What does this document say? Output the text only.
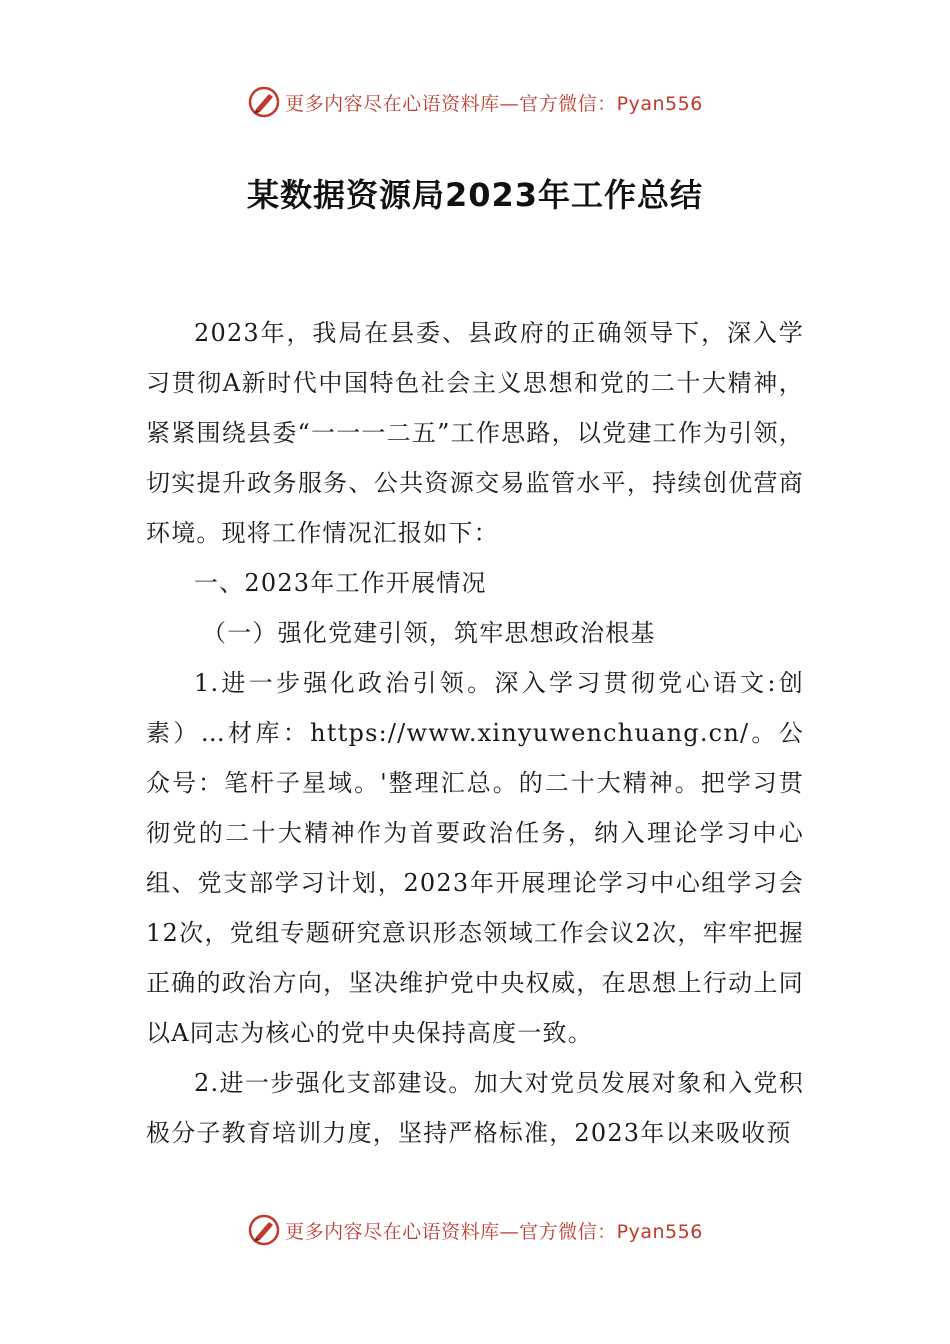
更多内容尽在心语资料库—官方微信：Pyan556
某数据资源局2023年工作总结

2023年，我局在县委、县政府的正确领导下，深入学习贯彻A新时代中国特色社会主义思想和党的二十大精神，紧紧围绕县委“一一一二五”工作思路，以党建工作为引领，切实提升政务服务、公共资源交易监管水平，持续创优营商环境。现将工作情况汇报如下：

一、2023年工作开展情况

（一）强化党建引领，筑牢思想政治根基

1.进一步强化政治引领。深入学习贯彻党心语文:创素）…材库：https://www.xinyuwenchuang.cn/。公众号：笔杆子星域。'整理汇总。的二十大精神。把学习贯彻党的二十大精神作为首要政治任务，纳入理论学习中心组、党支部学习计划，2023年开展理论学习中心组学习会12次，党组专题研究意识形态领域工作会议2次，牢牢把握正确的政治方向，坚决维护党中央权威，在思想上行动上同以A同志为核心的党中央保持高度一致。

2.进一步强化支部建设。加大对党员发展对象和入党积极分子教育培训力度，坚持严格标准，2023年以来吸收预

更多内容尽在心语资料库—官方微信：Pyan556
